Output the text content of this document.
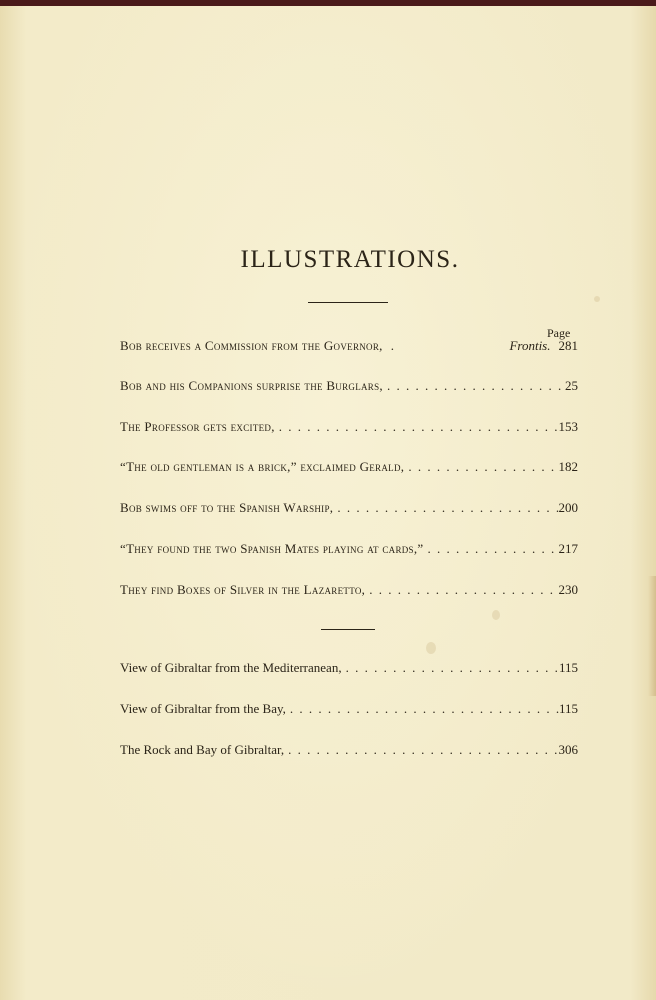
ILLUSTRATIONS.
Page
Bob receives a Commission from the Governor, .	Frontis. 281
Bob and his Companions surprise the Burglars, . . .	25
The Professor gets excited, . . .	153
“The old gentleman is a brick,” exclaimed Gerald, . . .	182
Bob swims off to the Spanish Warship, . . .	200
“They found the two Spanish Mates playing at cards,” . . .	217
They find Boxes of Silver in the Lazaretto, . . .	230
View of Gibraltar from the Mediterranean, . . .	115
View of Gibraltar from the Bay, . . .	115
The Rock and Bay of Gibraltar, . . .	306
